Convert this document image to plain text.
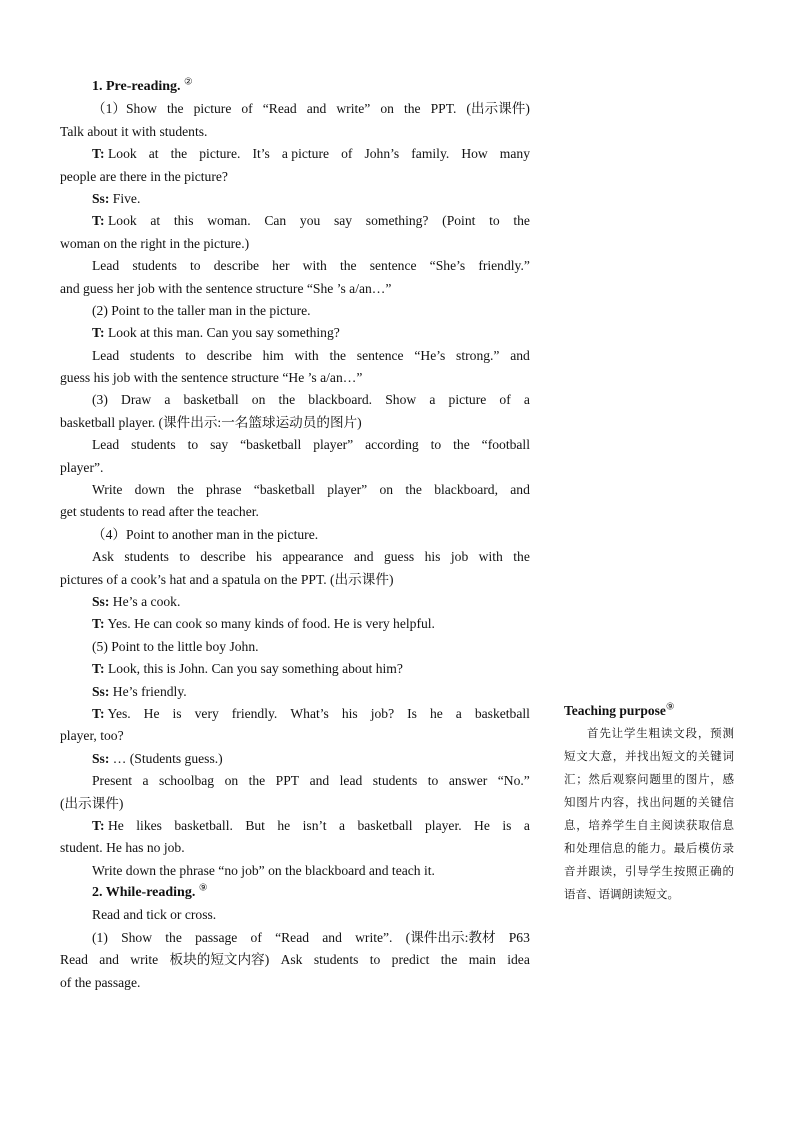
1. Pre-reading. ②
（1）Show the picture of “Read and write” on the PPT. (出示课件)
Talk about it with students.
T: Look at the picture. It’s a picture of John’s family. How many
people are there in the picture?
Ss: Five.
T: Look at this woman. Can you say something? (Point to the
woman on the right in the picture.)
Lead students to describe her with the sentence “She’s friendly.”
and guess her job with the sentence structure “She ’s a/an…”
(2) Point to the taller man in the picture.
T: Look at this man. Can you say something?
Lead students to describe him with the sentence “He’s strong.” and
guess his job with the sentence structure “He ’s a/an…”
(3) Draw a basketball on the blackboard. Show a picture of a
basketball player. (课件出示:一名篮球运动员的图片)
Lead students to say “basketball player” according to the “football
player”.
Write down the phrase “basketball player” on the blackboard, and
get students to read after the teacher.
（4）Point to another man in the picture.
Ask students to describe his appearance and guess his job with the
pictures of a cook’s hat and a spatula on the PPT. (出示课件)
Ss: He’s a cook.
T: Yes. He can cook so many kinds of food. He is very helpful.
(5) Point to the little boy John.
T: Look, this is John. Can you say something about him?
Ss: He’s friendly.
T: Yes. He is very friendly. What’s his job? Is he a basketball
player, too?
Ss: … (Students guess.)
Present a schoolbag on the PPT and lead students to answer “No.”
(出示课件)
T: He likes basketball. But he isn’t a basketball player. He is a
student. He has no job.
Write down the phrase “no job” on the blackboard and teach it.
2. While-reading. ⑨
Read and tick or cross.
(1) Show the passage of “Read and write”. (课件出示:教材 P63
Read and write 板块的短文内容) Ask students to predict the main idea
of the passage.
Teaching purpose⑨
首先让学生粗读文段，预测短文大意，并找出短文的关键词汇；然后观察问题里的图片，感知图片内容，找出问题的关键信息，培养学生自主阅读获取信息和处理信息的能力。最后模仿录音并跟读，引导学生按照正确的语音、语调朗读短文。
